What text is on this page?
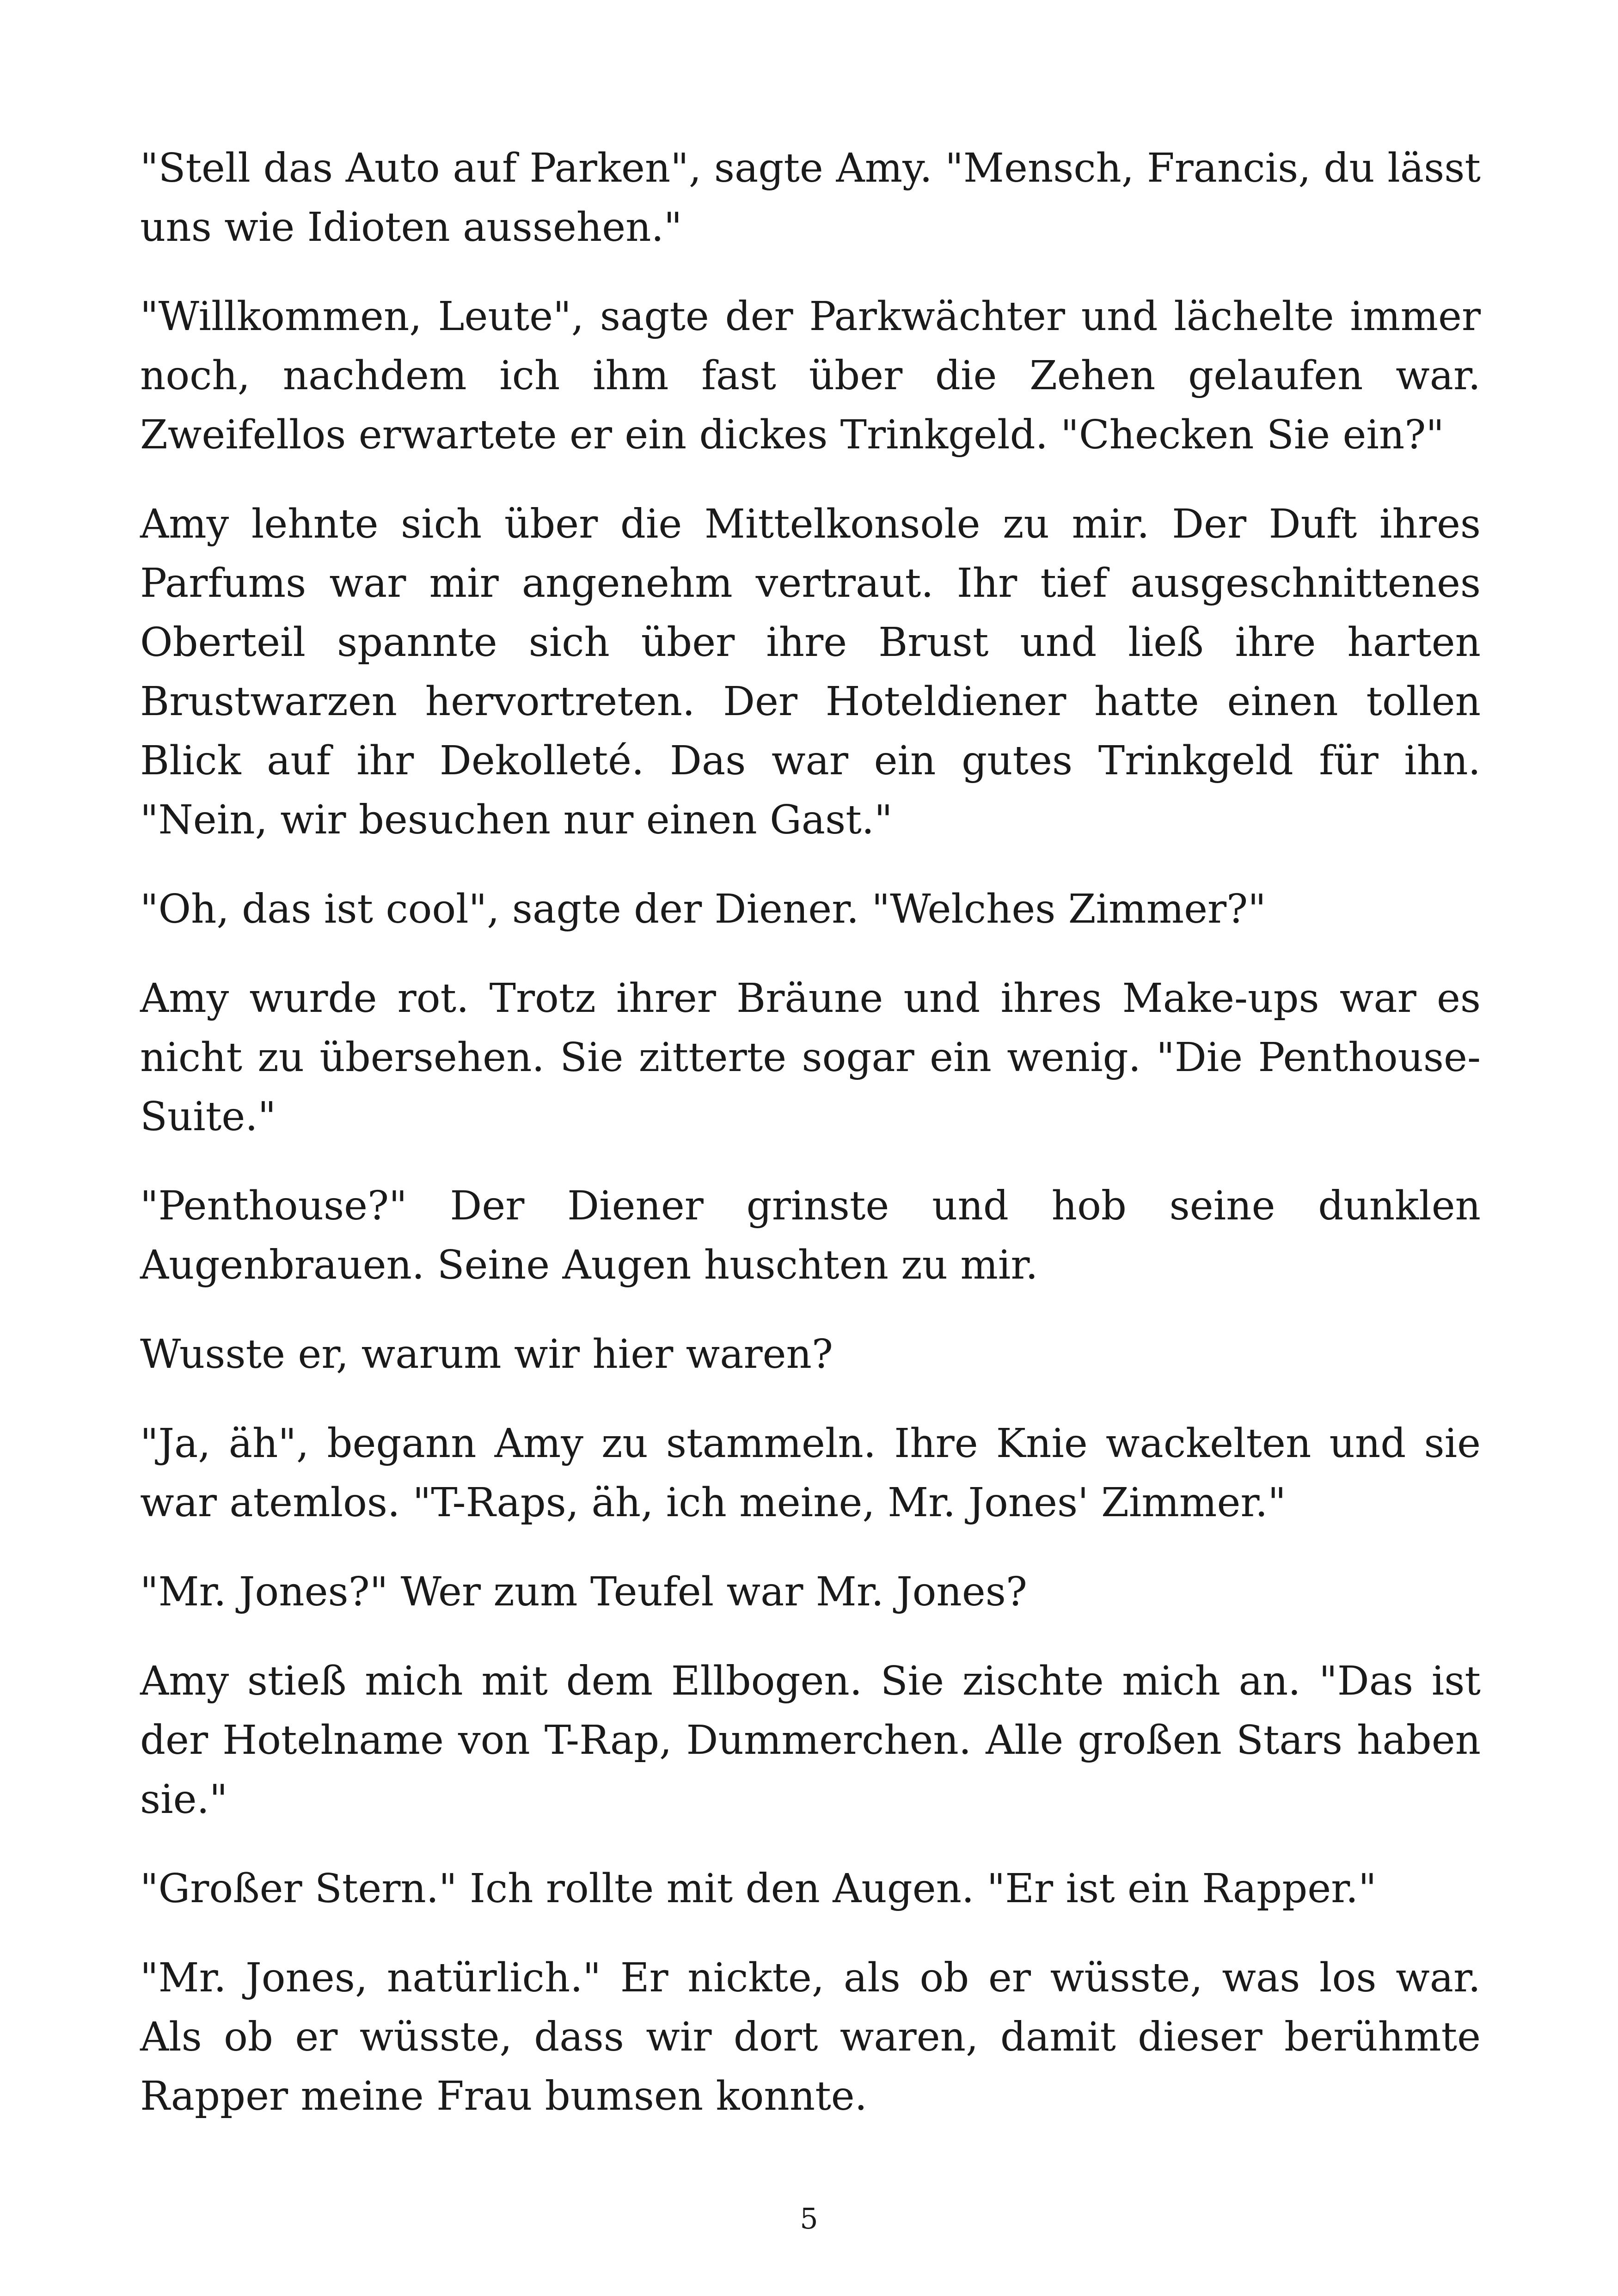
"Stell das Auto auf Parken", sagte Amy. "Mensch, Francis, du lässt uns wie Idioten aussehen."

"Willkommen, Leute", sagte der Parkwächter und lächelte immer noch, nachdem ich ihm fast über die Zehen gelaufen war. Zweifellos erwartete er ein dickes Trinkgeld. "Checken Sie ein?"

Amy lehnte sich über die Mittelkonsole zu mir. Der Duft ihres Parfums war mir angenehm vertraut. Ihr tief ausgeschnittenes Oberteil spannte sich über ihre Brust und ließ ihre harten Brustwarzen hervortreten. Der Hoteldiener hatte einen tollen Blick auf ihr Dekolleté. Das war ein gutes Trinkgeld für ihn. "Nein, wir besuchen nur einen Gast."

"Oh, das ist cool", sagte der Diener. "Welches Zimmer?"

Amy wurde rot. Trotz ihrer Bräune und ihres Make-ups war es nicht zu übersehen. Sie zitterte sogar ein wenig. "Die Penthouse-Suite."

"Penthouse?" Der Diener grinste und hob seine dunklen Augenbrauen. Seine Augen huschten zu mir.

Wusste er, warum wir hier waren?

"Ja, äh", begann Amy zu stammeln. Ihre Knie wackelten und sie war atemlos. "T-Raps, äh, ich meine, Mr. Jones' Zimmer."

"Mr. Jones?" Wer zum Teufel war Mr. Jones?

Amy stieß mich mit dem Ellbogen. Sie zischte mich an. "Das ist der Hotelname von T-Rap, Dummerchen. Alle großen Stars haben sie."

"Großer Stern." Ich rollte mit den Augen. "Er ist ein Rapper."

"Mr. Jones, natürlich." Er nickte, als ob er wüsste, was los war. Als ob er wüsste, dass wir dort waren, damit dieser berühmte Rapper meine Frau bumsen konnte.

5
